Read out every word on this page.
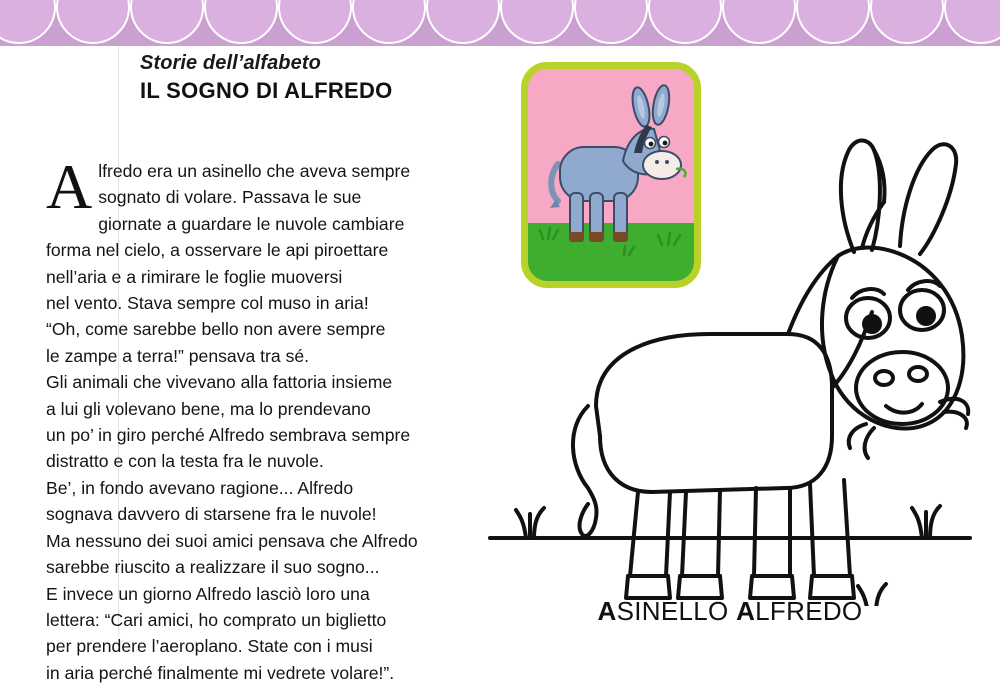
Storie dell’alfabeto
IL SOGNO DI ALFREDO
A lfredo era un asinello che aveva sempre

sognato di volare. Passava le sue

giornate a guardare le nuvole cambiare

forma nel cielo, a osservare le api piroettare

nell’aria e a rimirare le foglie muoversi

nel vento. Stava sempre col muso in aria!

“Oh, come sarebbe bello non avere sempre

le zampe a terra!” pensava tra sé.

Gli animali che vivevano alla fattoria insieme

a lui gli volevano bene, ma lo prendevano

un po’ in giro perché Alfredo sembrava sempre

distratto e con la testa fra le nuvole.

Be’, in fondo avevano ragione... Alfredo

sognava davvero di starsene fra le nuvole!

Ma nessuno dei suoi amici pensava che Alfredo

sarebbe riuscito a realizzare il suo sogno...

E invece un giorno Alfredo lasciò loro una

lettera: “Cari amici, ho comprato un biglietto

per prendere l’aeroplano. State con i musi

in aria perché finalmente mi vedrete volare!”.

ASINELLO ALFREDO
